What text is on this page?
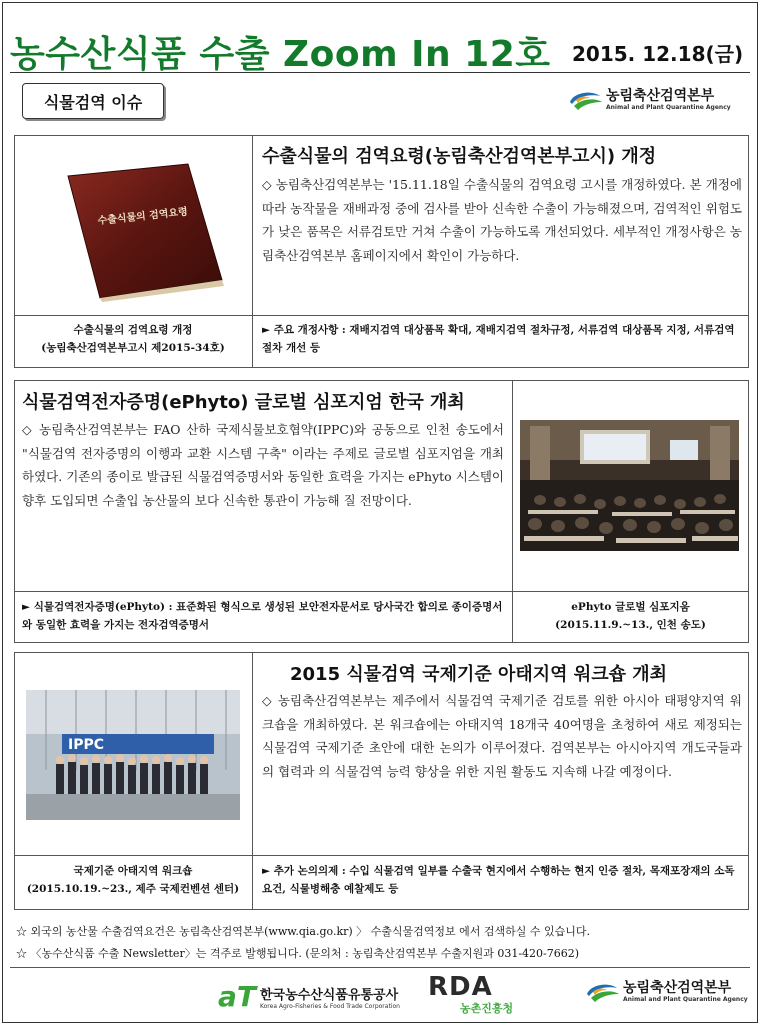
농수산식품 수출 Zoom In 12호 2015. 12.18(금)
식물검역 이슈	농림축산검역본부
Animal and Plant Quarantine Agency
수출식물의 검역요령
수출식물의 검역요령(농림축산검역본부고시) 개정
◇ 농림축산검역본부는 '15.11.18일 수출식물의 검역요령 고시를 개정하였다. 본 개정에 따라 농작물을 재배과정 중에 검사를 받아 신속한 수출이 가능해졌으며, 검역적인 위험도가 낮은 품목은 서류검토만 거쳐 수출이 가능하도록 개선되었다. 세부적인 개정사항은 농림축산검역본부 홈페이지에서 확인이 가능하다.
수출식물의 검역요령 개정
(농림축산검역본부고시 제2015-34호)
► 주요 개정사항 : 재배지검역 대상품목 확대, 재배지검역 절차규정, 서류검역 대상품목 지정, 서류검역 절차 개선 등
식물검역전자증명(ePhyto) 글로벌 심포지엄 한국 개최
◇ 농림축산검역본부는 FAO 산하 국제식물보호협약(IPPC)와 공동으로 인천 송도에서 "식물검역 전자증명의 이행과 교환 시스템 구축" 이라는 주제로 글로벌 심포지엄을 개최하였다. 기존의 종이로 발급된 식물검역증명서와 동일한 효력을 가지는 ePhyto 시스템이 향후 도입되면 수출입 농산물의 보다 신속한 통관이 가능해 질 전망이다.
► 식물검역전자증명(ePhyto) : 표준화된 형식으로 생성된 보안전자문서로 당사국간 합의로 종이증명서와 동일한 효력을 가지는 전자검역증명서
ePhyto 글로벌 심포지움
(2015.11.9.~13., 인천 송도)
IPPC
2015 식물검역 국제기준 아태지역 워크숍 개최
◇ 농림축산검역본부는 제주에서 식물검역 국제기준 검토를 위한 아시아 태평양지역 워크숍을 개최하였다. 본 워크숍에는 아태지역 18개국 40여명을 초청하여 새로 제정되는 식물검역 국제기준 초안에 대한 논의가 이루어졌다. 검역본부는 아시아지역 개도국들과의 협력과 의 식물검역 능력 향상을 위한 지원 활동도 지속해 나갈 예정이다.
국제기준 아태지역 워크숍
(2015.10.19.~23., 제주 국제컨벤션 센터)
► 추가 논의의제 : 수입 식물검역 일부를 수출국 현지에서 수행하는 현지 인증 절차, 목재포장재의 소독요건, 식물병해충 예찰제도 등
☆ 외국의 농산물 수출검역요건은 농림축산검역본부(www.qia.go.kr) 〉 수출식물검역정보 에서 검색하실 수 있습니다.
☆ 〈농수산식품 수출 Newsletter〉는 격주로 발행됩니다. (문의처 : 농림축산검역본부 수출지원과 031-420-7662)
aT 한국농수산식품유통공사
Korea Agro-Fisheries & Food Trade Corporation
RDA
농촌진흥청
농림축산검역본부
Animal and Plant Quarantine Agency
